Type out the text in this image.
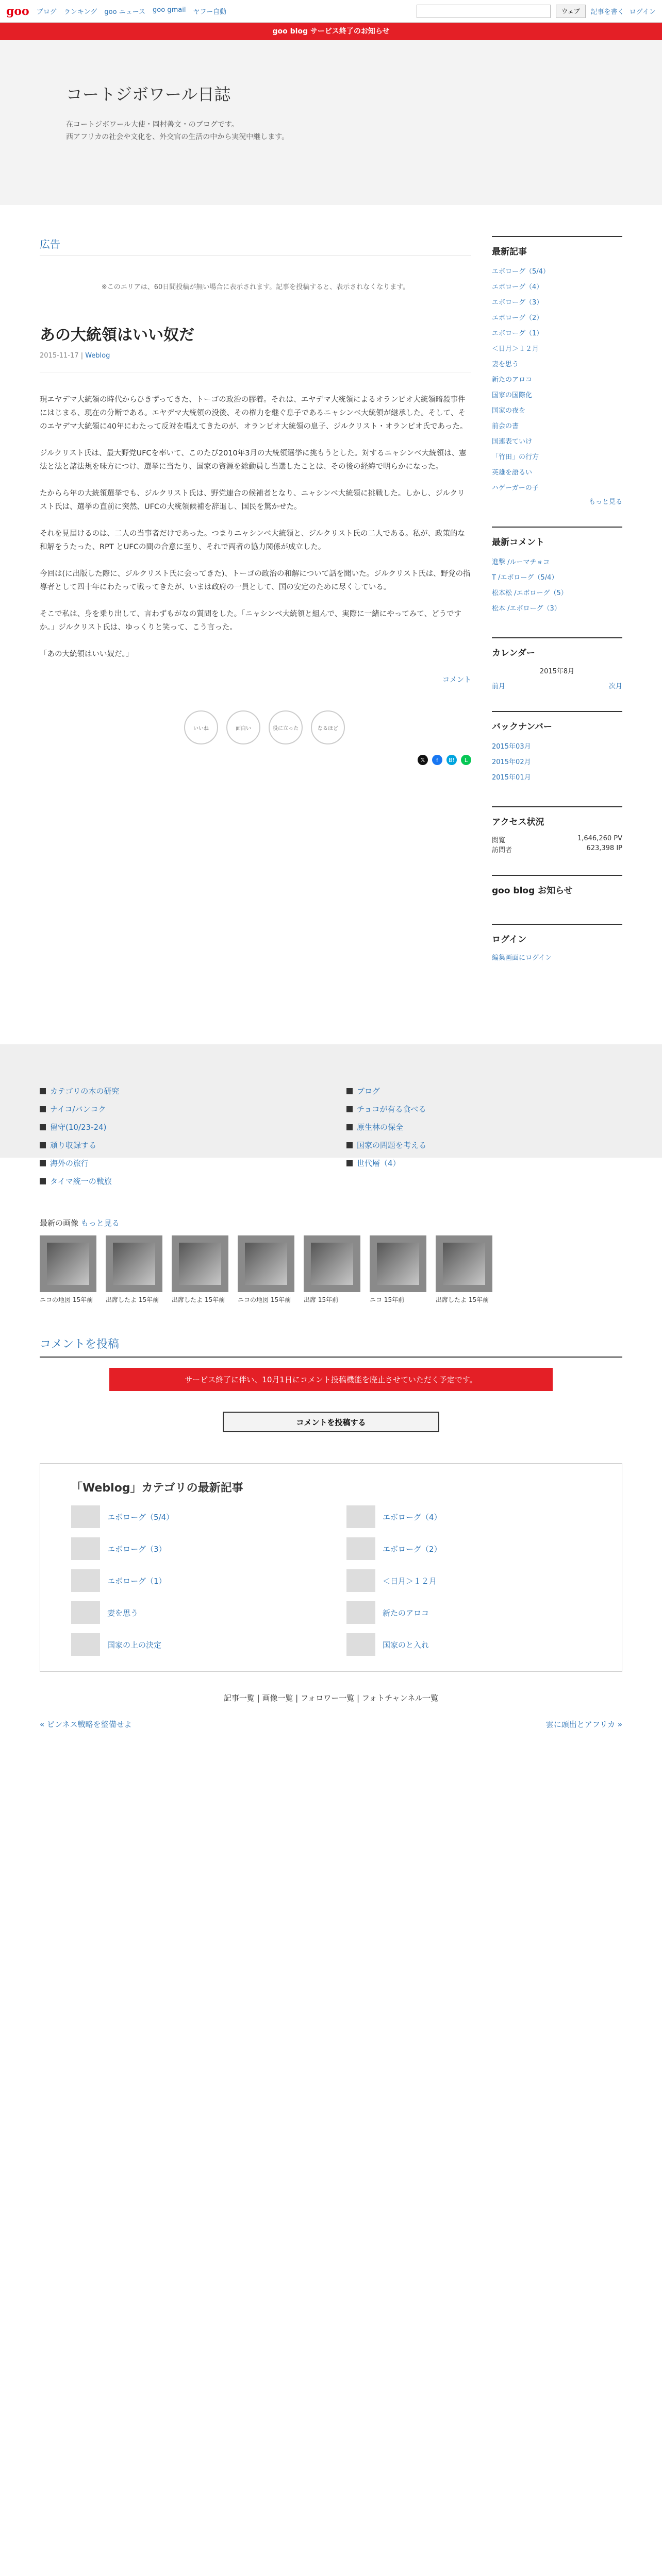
goo ブログ ランキング goo ニュース goo gmail ヤフー自動	ウェブ	記事を書く ログイン
goo blog サービス終了のお知らせ
コートジボワール日誌
在コートジボワール大使・岡村善文・のブログです。
西アフリカの社会や文化を、外交官の生活の中から実況中継します。
広告
※このエリアは、60日間投稿が無い場合に表示されます。記事を投稿すると、表示されなくなります。
あの大統領はいい奴だ
2015-11-17 | Weblog

現エヤデマ大統領の時代からひきずってきた、トーゴの政治の膠着。それは、エヤデマ大統領によるオランピオ大統領暗殺事件にはじまる、現在の分断である。エヤデマ大統領の没後、その権力を継ぐ息子であるニャシンベ大統領が継承した。そして、そのエヤデマ大統領に40年にわたって反対を唱えてきたのが、オランピオ大統領の息子、ジルクリスト・オランピオ氏であった。

ジルクリスト氏は、最大野党UFCを率いて、このたび2010年3月の大統領選挙に挑もうとした。対するニャシンベ大統領は、憲法と法と諸法規を味方につけ、選挙に当たり、国家の資源を総動員し当選したことは、その後の経緯で明らかになった。

たからら年の大統領選挙でも、ジルクリスト氏は、野党連合の候補者となり、ニャシンベ大統領に挑戦した。しかし、ジルクリスト氏は、選挙の直前に突然、UFCの大統領候補を辞退し、国民を驚かせた。

それを見届けるのは、二人の当事者だけであった。つまりニャシンベ大統領と、ジルクリスト氏の二人である。私が、政策的な和解をうたった、RPT とUFCの間の合意に至り、それで両者の協力関係が成立した。

今回は(に出版した際に、ジルクリスト氏に会ってきた)、トーゴの政治の和解について話を聞いた。ジルクリスト氏は、野党の指導者として四十年にわたって戦ってきたが、いまは政府の一員として、国の安定のために尽くしている。

そこで私は、身を乗り出して、言わずもがなの質問をした。「ニャシンベ大統領と組んで、実際に一緒にやってみて、どうですか。」ジルクリスト氏は、ゆっくりと笑って、こう言った。

「あの大統領はいい奴だ。」

コメント
いいね	面白い	役に立った	なるほど
𝕏	f	B!	L
最新記事
エボローグ（5/4）
エボローグ（4）
エボローグ（3）
エボローグ（2）
エボローグ（1）
＜日月＞１２月
妻を思う
新たのアロコ
国家の国際化
国家の夜を
前会の書
国連表ていけ
「竹田」の行方
英雄を語るい
ハゲーガーの子
もっと見る
最新コメント
進撃 /ルーマチョコ
T /エボローグ（5/4）
松本松 /エボローグ（5）
松本 /エボローグ（3）
カレンダー
2015年8月
前月	次月
バックナンバー
2015年03月
2015年02月
2015年01月
アクセス状況
閲覧	1,646,260 PV
訪問者	623,398 IP
goo blog お知らせ
ログイン
編集画面にログイン
カテゴリの木の研究	ブログ
ナイコ/バンコク	チョコが有る食べる
留守(10/23-24)	原生林の保全
頑り収録する	国家の問題を考える
海外の旅行	世代層（4）
タイマ統一の戦旅
最新の画像 もっと見る
ニコの地図 15年前	出席したよ 15年前	出席したよ 15年前	ニコの地図 15年前	出席 15年前	ニコ 15年前	出席したよ 15年前
コメントを投稿
サービス終了に伴い、10月1日にコメント投稿機能を廃止させていただく予定です。
コメントを投稿する
「Weblog」カテゴリの最新記事
エボローグ（5/4）	エボローグ（4）
エボローグ（3）	エボローグ（2）
エボローグ（1）	＜日月＞１２月
妻を思う	新たのアロコ
国家の上の決定	国家のと入れ
記事一覧 | 画像一覧 | フォロワー一覧 | フォトチャンネル一覧
« ビンネス戦略を整備せよ	雲に頭出とアフリカ »
